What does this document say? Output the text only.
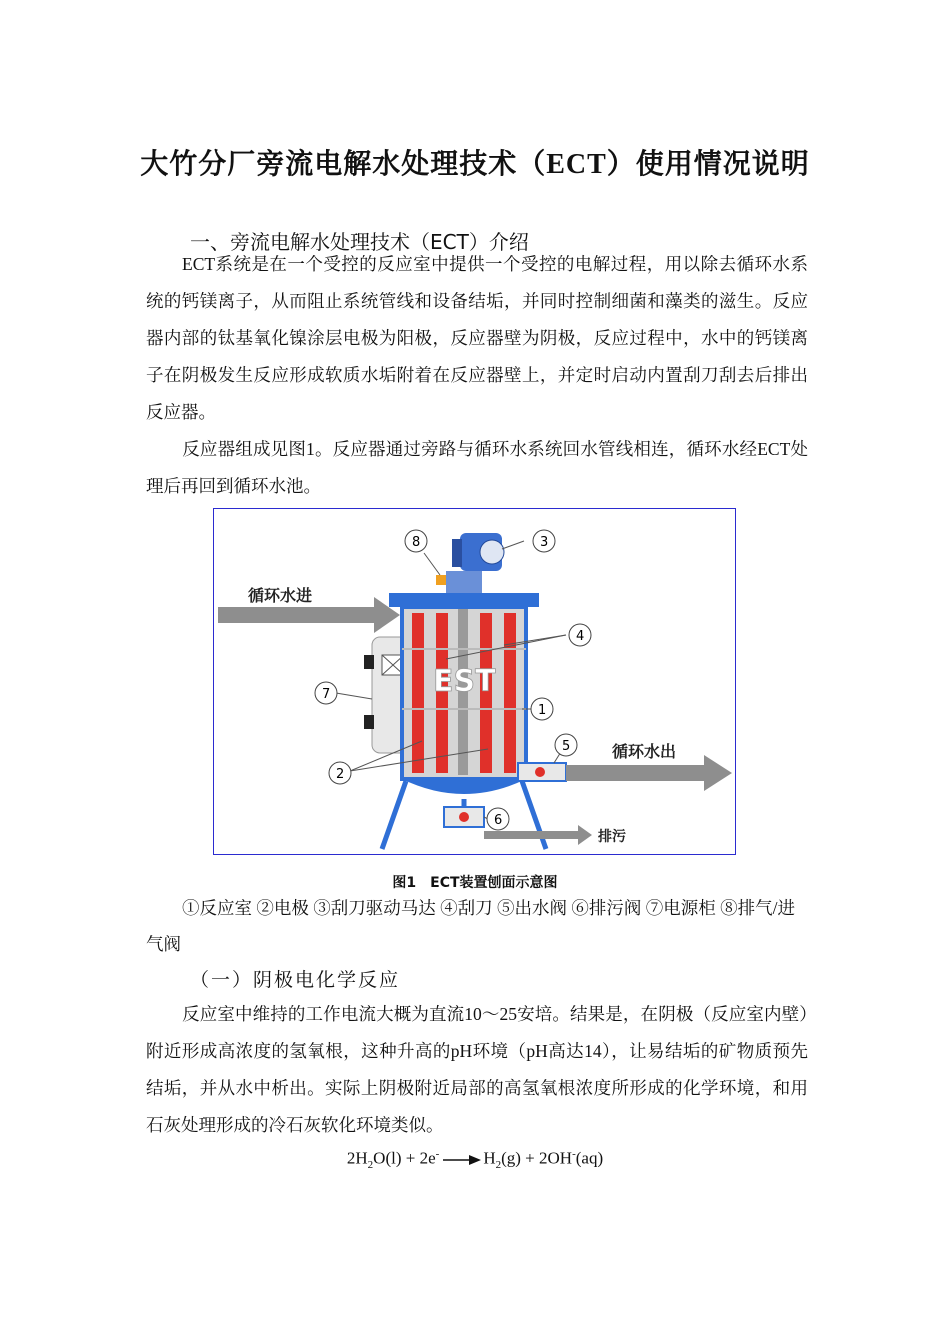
大竹分厂旁流电解水处理技术（ECT）使用情况说明
一、旁流电解水处理技术（ECT）介绍
ECT系统是在一个受控的反应室中提供一个受控的电解过程，用以除去循环水系统的钙镁离子，从而阻止系统管线和设备结垢，并同时控制细菌和藻类的滋生。反应器内部的钛基氧化镍涂层电极为阳极，反应器壁为阴极，反应过程中，水中的钙镁离子在阴极发生反应形成软质水垢附着在反应器壁上，并定时启动内置刮刀刮去后排出反应器。
反应器组成见图1。反应器通过旁路与循环水系统回水管线相连，循环水经ECT处理后再回到循环水池。
循环水进
EST
循环水出
排污
8	3
4
7
1
5
2
6
图1　ECT装置刨面示意图
①反应室 ②电极 ③刮刀驱动马达 ④刮刀 ⑤出水阀 ⑥排污阀 ⑦电源柜 ⑧排气/进气阀
（一）阴极电化学反应
反应室中维持的工作电流大概为直流10～25安培。结果是，在阴极（反应室内壁）附近形成高浓度的氢氧根，这种升高的pH环境（pH高达14），让易结垢的矿物质预先结垢，并从水中析出。实际上阴极附近局部的高氢氧根浓度所形成的化学环境，和用石灰处理形成的冷石灰软化环境类似。
$2H_2O(l) + 2e^- \to H_2(g) + 2OH^-(aq)$
